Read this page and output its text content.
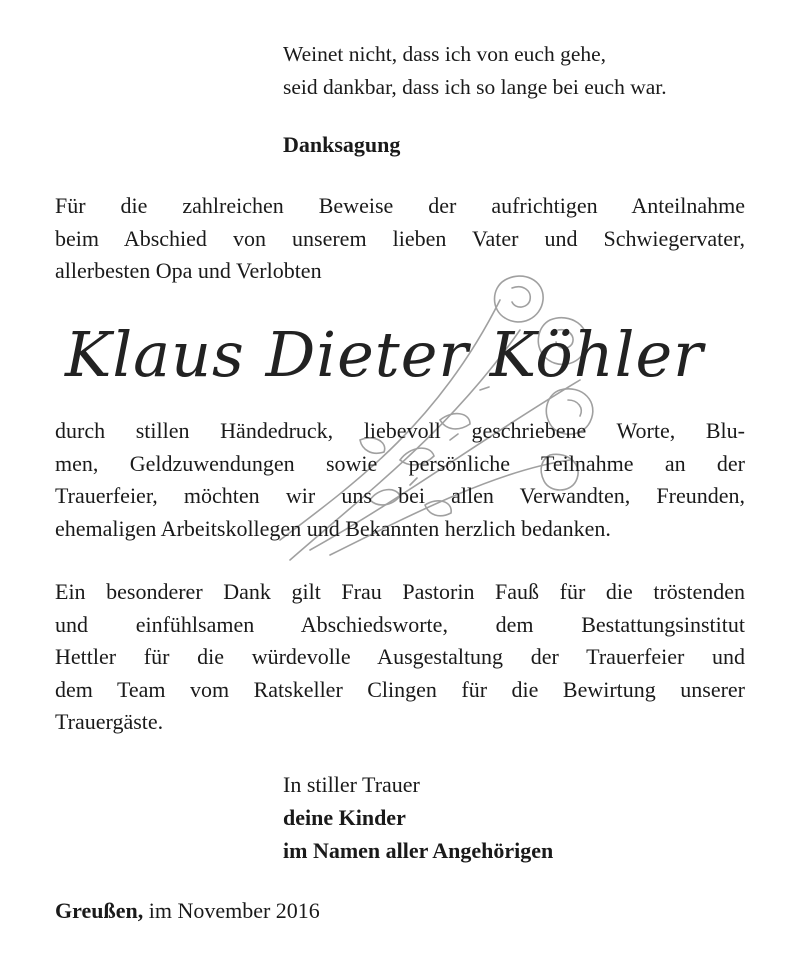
Weinet nicht, dass ich von euch gehe,
seid dankbar, dass ich so lange bei euch war.
Danksagung
Für die zahlreichen Beweise der aufrichtigen Anteilnahme
beim Abschied von unserem lieben Vater und Schwiegervater,
allerbesten Opa und Verlobten
Klaus Dieter Köhler
durch stillen Händedruck, liebevoll geschriebene Worte, Blu-
men, Geldzuwendungen sowie persönliche Teilnahme an der
Trauerfeier, möchten wir uns bei allen Verwandten, Freunden,
ehemaligen Arbeitskollegen und Bekannten herzlich bedanken.
Ein besonderer Dank gilt Frau Pastorin Fauß für die tröstenden
und einfühlsamen Abschiedsworte, dem Bestattungsinstitut
Hettler für die würdevolle Ausgestaltung der Trauerfeier und
dem Team vom Ratskeller Clingen für die Bewirtung unserer
Trauergäste.
In stiller Trauer
deine Kinder
im Namen aller Angehörigen
Greußen, im November 2016
